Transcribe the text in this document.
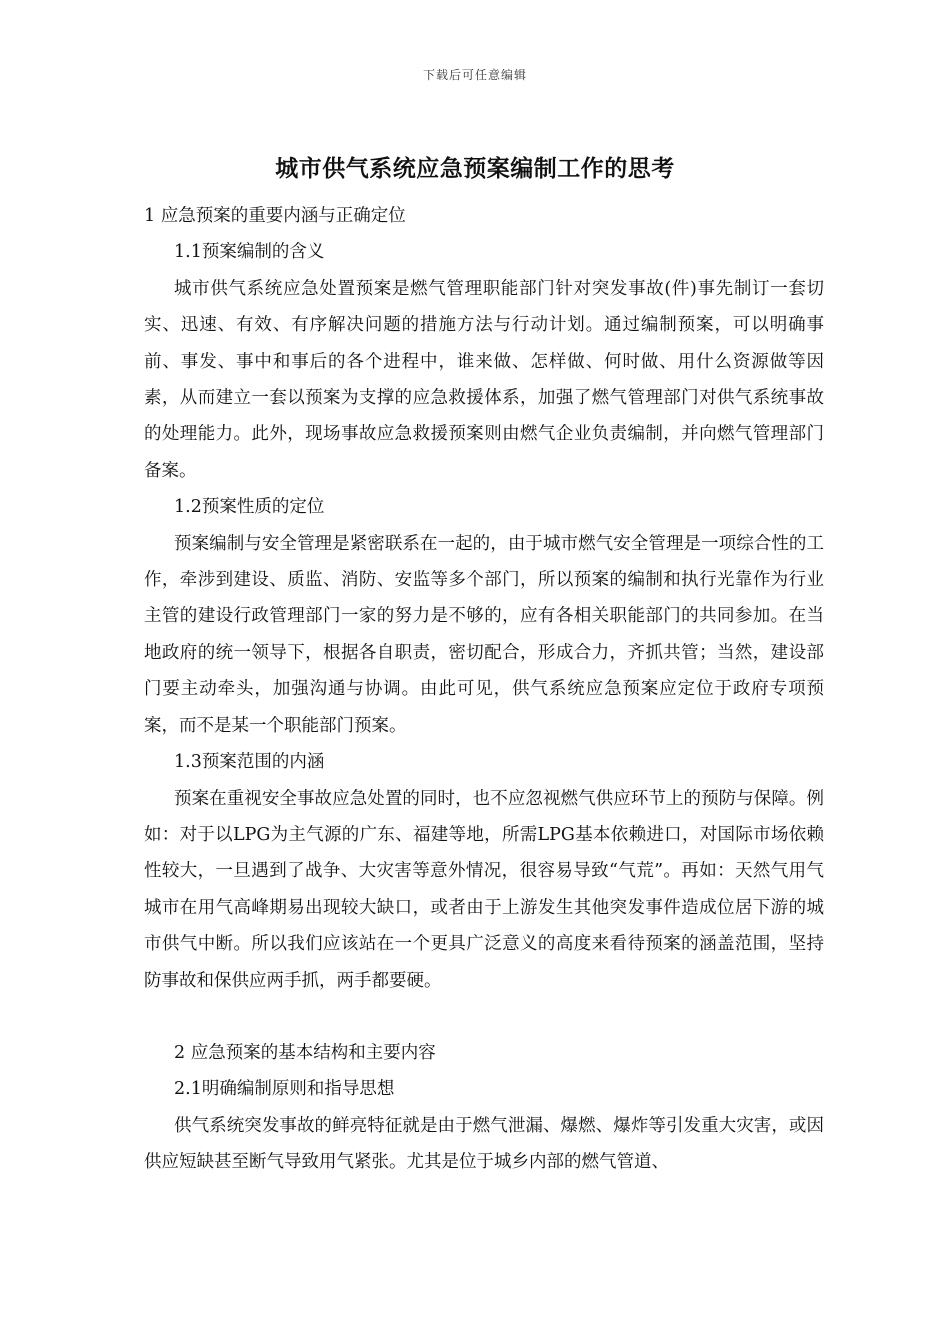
下载后可任意编辑
城市供气系统应急预案编制工作的思考

1 应急预案的重要内涵与正确定位

1.1预案编制的含义

城市供气系统应急处置预案是燃气管理职能部门针对突发事故(件)事先制订一套切实、迅速、有效、有序解决问题的措施方法与行动计划。通过编制预案，可以明确事前、事发、事中和事后的各个进程中，谁来做、怎样做、何时做、用什么资源做等因素，从而建立一套以预案为支撑的应急救援体系，加强了燃气管理部门对供气系统事故的处理能力。此外，现场事故应急救援预案则由燃气企业负责编制，并向燃气管理部门备案。

1.2预案性质的定位

预案编制与安全管理是紧密联系在一起的，由于城市燃气安全管理是一项综合性的工作，牵涉到建设、质监、消防、安监等多个部门，所以预案的编制和执行光靠作为行业主管的建设行政管理部门一家的努力是不够的，应有各相关职能部门的共同参加。在当地政府的统一领导下，根据各自职责，密切配合，形成合力，齐抓共管；当然，建设部门要主动牵头，加强沟通与协调。由此可见，供气系统应急预案应定位于政府专项预案，而不是某一个职能部门预案。

1.3预案范围的内涵

预案在重视安全事故应急处置的同时，也不应忽视燃气供应环节上的预防与保障。例如：对于以LPG为主气源的广东、福建等地，所需LPG基本依赖进口，对国际市场依赖性较大，一旦遇到了战争、大灾害等意外情况，很容易导致“气荒”。再如：天然气用气城市在用气高峰期易出现较大缺口，或者由于上游发生其他突发事件造成位居下游的城市供气中断。所以我们应该站在一个更具广泛意义的高度来看待预案的涵盖范围，坚持防事故和保供应两手抓，两手都要硬。

2 应急预案的基本结构和主要内容

2.1明确编制原则和指导思想

供气系统突发事故的鲜亮特征就是由于燃气泄漏、爆燃、爆炸等引发重大灾害，或因供应短缺甚至断气导致用气紧张。尤其是位于城乡内部的燃气管道、
